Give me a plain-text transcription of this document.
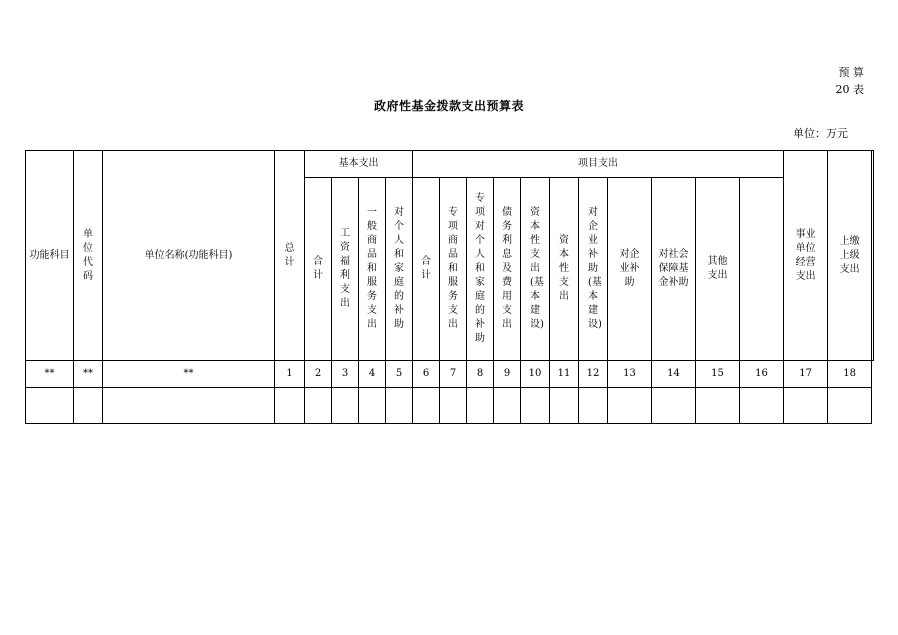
预 算
20 表
政府性基金拨款支出预算表
单位：万元
功能科目	单位代码	单位名称(功能科目)	总计	基本支出				项目支出											事业单位经营支出	上缴上级支出	
				合计	工资福利支出	一般商品和服务支出	对个人和家庭的补助	合计	专项商品和服务支出	专项对个人和家庭的补助	债务利息及费用支出	资本性支出(基本建设)	资本性支出	对企业补助(基本建设)	对企业补助	对社会保障基金补助	其他支出				
**	**	**	1	2	3	4	5	6	7	8	9	10	11	12	13	14	15	16	17	18	
